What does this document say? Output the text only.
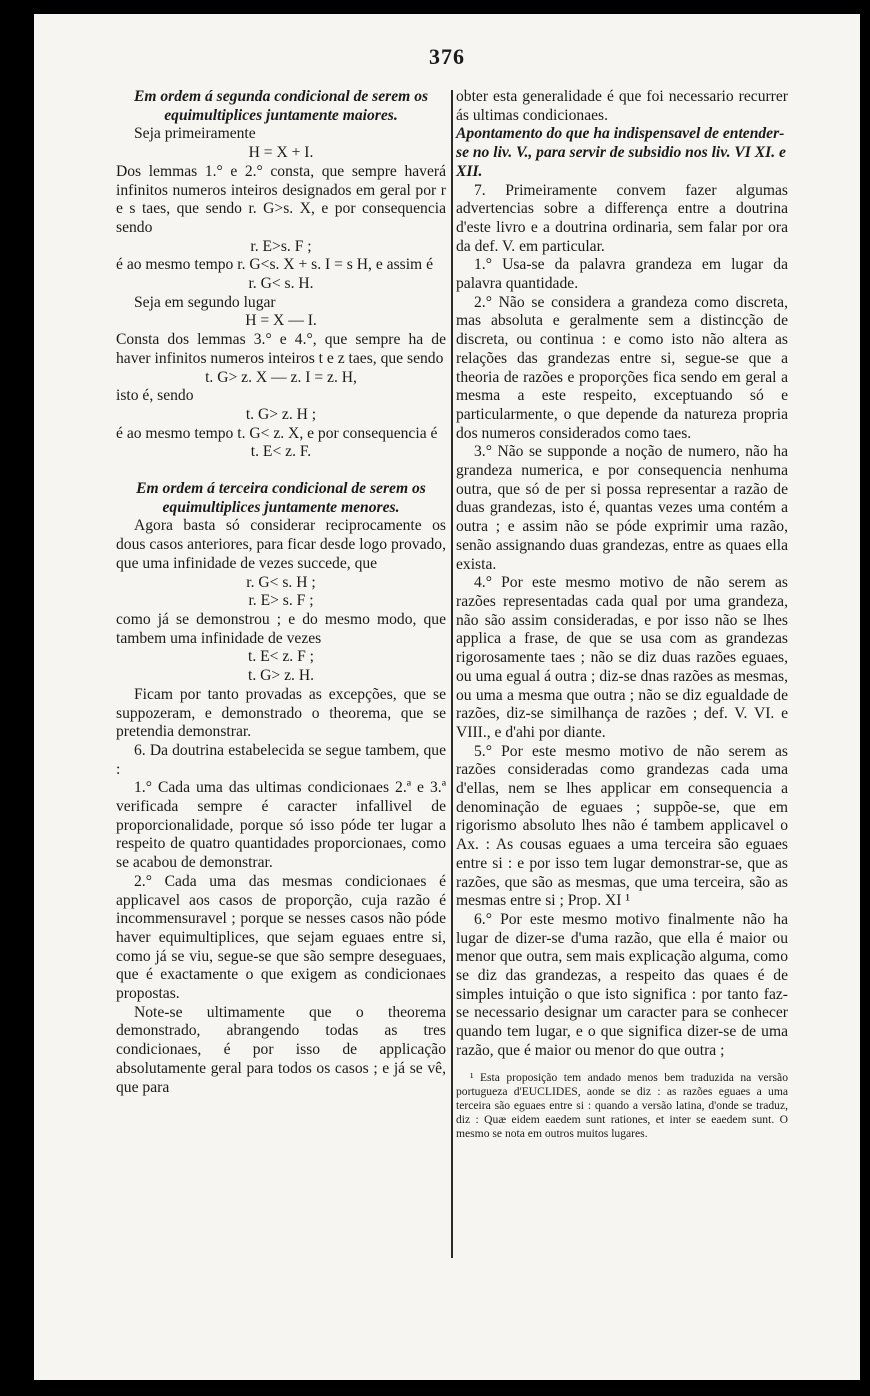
376

Em ordem á segunda condicional de serem os equimultiplices juntamente maiores.

Seja primeiramente

H = X + I.

Dos lemmas 1.° e 2.° consta, que sempre haverá infinitos numeros inteiros designados em geral por r e s taes, que sendo r. G>s. X, e por consequencia sendo

r. E>s. F ;

é ao mesmo tempo r. G<s. X + s. I = s H, e assim é

r. G< s. H.

Seja em segundo lugar

H = X — I.

Consta dos lemmas 3.° e 4.°, que sempre ha de haver infinitos numeros inteiros t e z taes, que sendo

t. G> z. X — z. I = z. H,

isto é, sendo

t. G> z. H ;

é ao mesmo tempo t. G< z. X, e por consequencia é

t. E< z. F.

Em ordem á terceira condicional de serem os equimultiplices juntamente menores.

Agora basta só considerar reciprocamente os dous casos anteriores, para ficar desde logo provado, que uma infinidade de vezes succede, que

r. G< s. H ;

r. E> s. F ;

como já se demonstrou ; e do mesmo modo, que tambem uma infinidade de vezes

t. E< z. F ;

t. G> z. H.

Ficam por tanto provadas as excepções, que se suppozeram, e demonstrado o theorema, que se pretendia demonstrar.

6. Da doutrina estabelecida se segue tambem, que :

1.° Cada uma das ultimas condicionaes 2.ª e 3.ª verificada sempre é caracter infallivel de proporcionalidade, porque só isso póde ter lugar a respeito de quatro quantidades proporcionaes, como se acabou de demonstrar.

2.° Cada uma das mesmas condicionaes é applicavel aos casos de proporção, cuja razão é incommensuravel ; porque se nesses casos não póde haver equimultiplices, que sejam eguaes entre si, como já se viu, segue-se que são sempre deseguaes, que é exactamente o que exigem as condicionaes propostas.

Note-se ultimamente que o theorema demonstrado, abrangendo todas as tres condicionaes, é por isso de applicação absolutamente geral para todos os casos ; e já se vê, que para

obter esta generalidade é que foi necessario recurrer ás ultimas condicionaes.

Apontamento do que ha indispensavel de entender-se no liv. V., para servir de subsidio nos liv. VI XI. e XII.

7. Primeiramente convem fazer algumas advertencias sobre a differença entre a doutrina d'este livro e a doutrina ordinaria, sem falar por ora da def. V. em particular.

1.° Usa-se da palavra grandeza em lugar da palavra quantidade.

2.° Não se considera a grandeza como discreta, mas absoluta e geralmente sem a distincção de discreta, ou continua : e como isto não altera as relações das grandezas entre si, segue-se que a theoria de razões e proporções fica sendo em geral a mesma a este respeito, exceptuando só e particularmente, o que depende da natureza propria dos numeros considerados como taes.

3.° Não se supponde a noção de numero, não ha grandeza numerica, e por consequencia nenhuma outra, que só de per si possa representar a razão de duas grandezas, isto é, quantas vezes uma contém a outra ; e assim não se póde exprimir uma razão, senão assignando duas grandezas, entre as quaes ella exista.

4.° Por este mesmo motivo de não serem as razões representadas cada qual por uma grandeza, não são assim consideradas, e por isso não se lhes applica a frase, de que se usa com as grandezas rigorosamente taes ; não se diz duas razões eguaes, ou uma egual á outra ; diz-se dnas razões as mesmas, ou uma a mesma que outra ; não se diz egualdade de razões, diz-se similhança de razões ; def. V. VI. e VIII., e d'ahi por diante.

5.° Por este mesmo motivo de não serem as razões consideradas como grandezas cada uma d'ellas, nem se lhes applicar em consequencia a denominação de eguaes ; suppõe-se, que em rigorismo absoluto lhes não é tambem applicavel o Ax. : As cousas eguaes a uma terceira são eguaes entre si : e por isso tem lugar demonstrar-se, que as razões, que são as mesmas, que uma terceira, são as mesmas entre si ; Prop. XI ¹

6.° Por este mesmo motivo finalmente não ha lugar de dizer-se d'uma razão, que ella é maior ou menor que outra, sem mais explicação alguma, como se diz das grandezas, a respeito das quaes é de simples intuição o que isto significa : por tanto faz-se necessario designar um caracter para se conhecer quando tem lugar, e o que significa dizer-se de uma razão, que é maior ou menor do que outra ;

¹ Esta proposição tem andado menos bem traduzida na versão portugueza d'EUCLIDES, aonde se diz : as razões eguaes a uma terceira são eguaes entre si : quando a versão latina, d'onde se traduz, diz : Quæ eidem eaedem sunt rationes, et inter se eaedem sunt. O mesmo se nota em outros muitos lugares.
